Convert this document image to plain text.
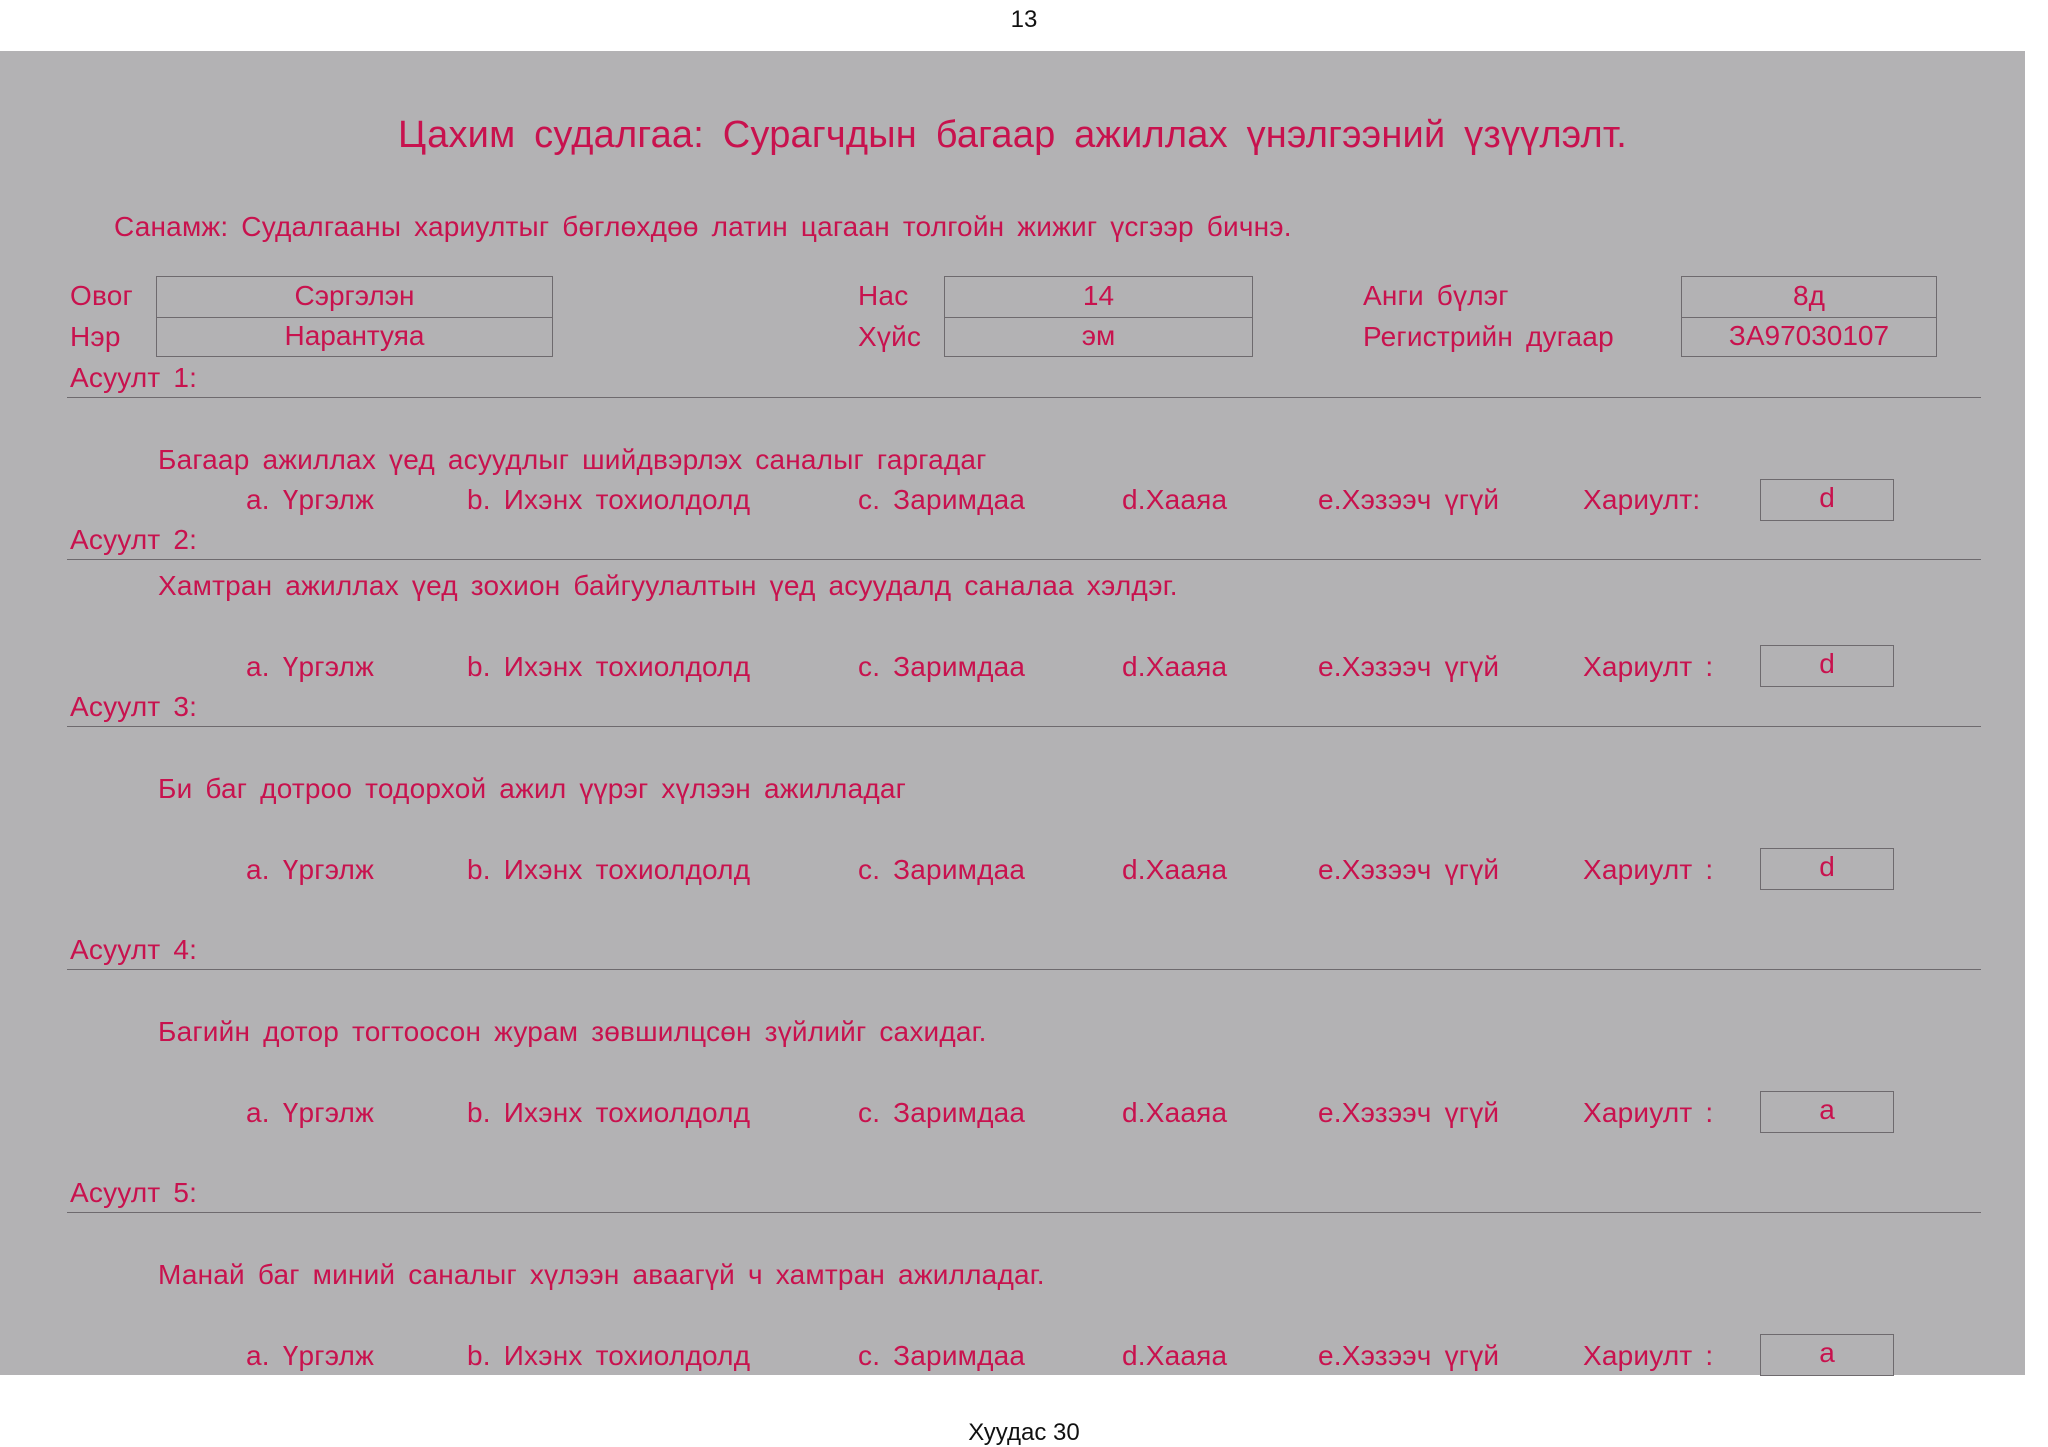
13
Цахим судалгаа: Сурагчдын багаар ажиллах үнэлгээний үзүүлэлт.
Санамж: Судалгааны хариултыг бөглөхдөө латин цагаан толгойн жижиг үсгээр бичнэ.
Овог	Сэргэлэн
Нэр	Нарантуяа
Нас	14
Хүйс	эм
Анги бүлэг	8д
Регистрийн дугаар	ЗА97030107
Асуулт 1:
Багаар ажиллах үед асуудлыг шийдвэрлэх саналыг гаргадаг
a. Үргэлж	b. Ихэнх тохиолдолд	c. Заримдаа	d.Хааяа	e.Хэзээч үгүй	Хариулт:	d
Асуулт 2:
Хамтран ажиллах үед зохион байгуулалтын үед асуудалд саналаа хэлдэг.
a. Үргэлж	b. Ихэнх тохиолдолд	c. Заримдаа	d.Хааяа	e.Хэзээч үгүй	Хариулт :	d
Асуулт 3:
Би баг дотроо тодорхой ажил үүрэг хүлээн ажилладаг
a. Үргэлж	b. Ихэнх тохиолдолд	c. Заримдаа	d.Хааяа	e.Хэзээч үгүй	Хариулт :	d
Асуулт 4:
Багийн дотор тогтоосон журам зөвшилцсөн зүйлийг сахидаг.
a. Үргэлж	b. Ихэнх тохиолдолд	c. Заримдаа	d.Хааяа	e.Хэзээч үгүй	Хариулт :	a
Асуулт 5:
Манай баг миний саналыг хүлээн аваагүй ч хамтран ажилладаг.
a. Үргэлж	b. Ихэнх тохиолдолд	c. Заримдаа	d.Хааяа	e.Хэзээч үгүй	Хариулт :	a
Хуудас 30
